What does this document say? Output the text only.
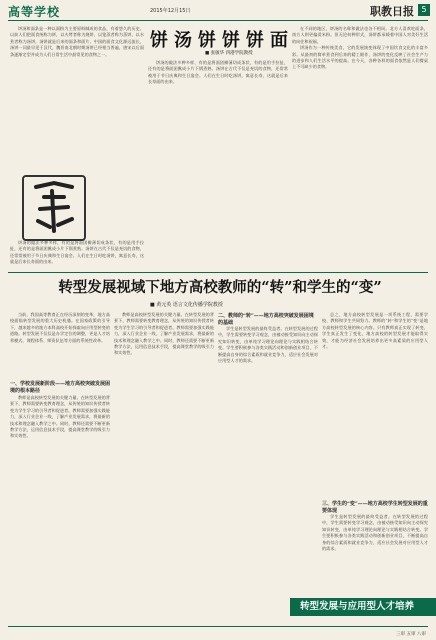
高等学校	2015年12月15日	职教日报 5
饼汤饼饼饼面
■ 张敏华 四港学院教授

饼汤和面条是一种以面粉为主要原料制成的食品，有着悠久的历史。以前人们把面食统称为饼，以火烤者称为烧饼，以笼蒸者称为蒸饼，以水煮者称为汤饼。汤饼就是后来的面条和面片。中国的面食文化源远流长，汤饼一词最早见于汉代，魏晋南北朝时期汤饼已经相当普遍，唐宋以后面条逐渐定型并成为人们日常生活中最常见的食物之一。

饼汤的做法多种多样，有的是将面团擀薄切成条状，有的是用手拉扯，还有的是将面团揪成小片下锅煮熟。汤饼在古代不仅是充饥的食物，还常常被用于节日庆典和生日宴会。人们在生日时吃汤饼，寓意长寿，这就是后来长寿面的由来。

饼汤的做法多种多样，有的是将面团擀薄切成条状，有的是用手拉扯，还有的是将面团揪成小片下锅煮熟。汤饼在古代不仅是充饥的食物，还常常被用于节日庆典和生日宴会。人们在生日时吃汤饼，寓意长寿，这就是后来长寿面的由来。

在不同的地区，饼汤的名称和做法也各不相同。北方人喜欢吃面条，南方人则更偏爱米粉。但无论何种形式，汤饼都承载着中国人对美好生活的向往和祝福。

饼汤作为一种传统美食，它的发展演变体现了中国饮食文化的丰富多彩。从最初的简单煮食到后来的精工细作，汤饼的变化反映了社会生产力的进步和人们生活水平的提高。在今天，各种各样的面食依然是人们餐桌上不可缺少的食物。

转型发展视域下地方高校教师的“转”和学生的“变”
■ 黄元英 语言文化传播学院教授

当前，我国高等教育正在经历深刻的变革，地方高校面临转型发展的重大历史机遇。在国家政策的引导下，越来越多的地方本科高校开始探索向应用型转变的道路。转型发展不仅仅是办学定位的调整，更是人才培养模式、课程体系、师资队伍等方面的系统性改革。

一、学校发展新阶段——地方高校突破发展困境的根本路径

教师是高校转型发展的关键力量。在转型发展的背景下，教师需要转变教育理念，从传统的知识传授者转变为学生学习的引导者和促进者。教师需要加强实践能力，深入行业企业一线，了解产业发展需求，将最新的技术和理念融入教学之中。同时，教师还需要不断更新教学方法，运用信息技术手段，提高课堂教学的吸引力和实效性。

教师是高校转型发展的关键力量。在转型发展的背景下，教师需要转变教育理念，从传统的知识传授者转变为学生学习的引导者和促进者。教师需要加强实践能力，深入行业企业一线，了解产业发展需求，将最新的技术和理念融入教学之中。同时，教师还需要不断更新教学方法，运用信息技术手段，提高课堂教学的吸引力和实效性。

二、教师的“转”——地方高校突破发展困境的基础

学生是转型发展的最终受益者。在转型发展的过程中，学生需要转变学习观念，由被动接受知识向主动探究知识转变，由单纯学习理论向理论与实践相结合转变。学生要积极参与各类实践活动和创新创业项目，不断提高自身的综合素质和就业竞争力，适应社会发展对应用型人才的需求。

总之，地方高校转型发展是一项系统工程，需要学校、教师和学生共同努力。教师的“转”和学生的“变”是地方高校转型发展的核心内容。只有教师真正实现了转变，学生真正发生了变化，地方高校的转型发展才能取得实效，才能为经济社会发展培养出更多高素质的应用型人才。

三、学生的“变”——地方高校学生转型发展的重要体现

学生是转型发展的最终受益者。在转型发展的过程中，学生需要转变学习观念，由被动接受知识向主动探究知识转变，由单纯学习理论向理论与实践相结合转变。学生要积极参与各类实践活动和创新创业项目，不断提高自身的综合素质和就业竞争力，适应社会发展对应用型人才的需求。

转型发展与应用型人才培养
三审 五审 八审
